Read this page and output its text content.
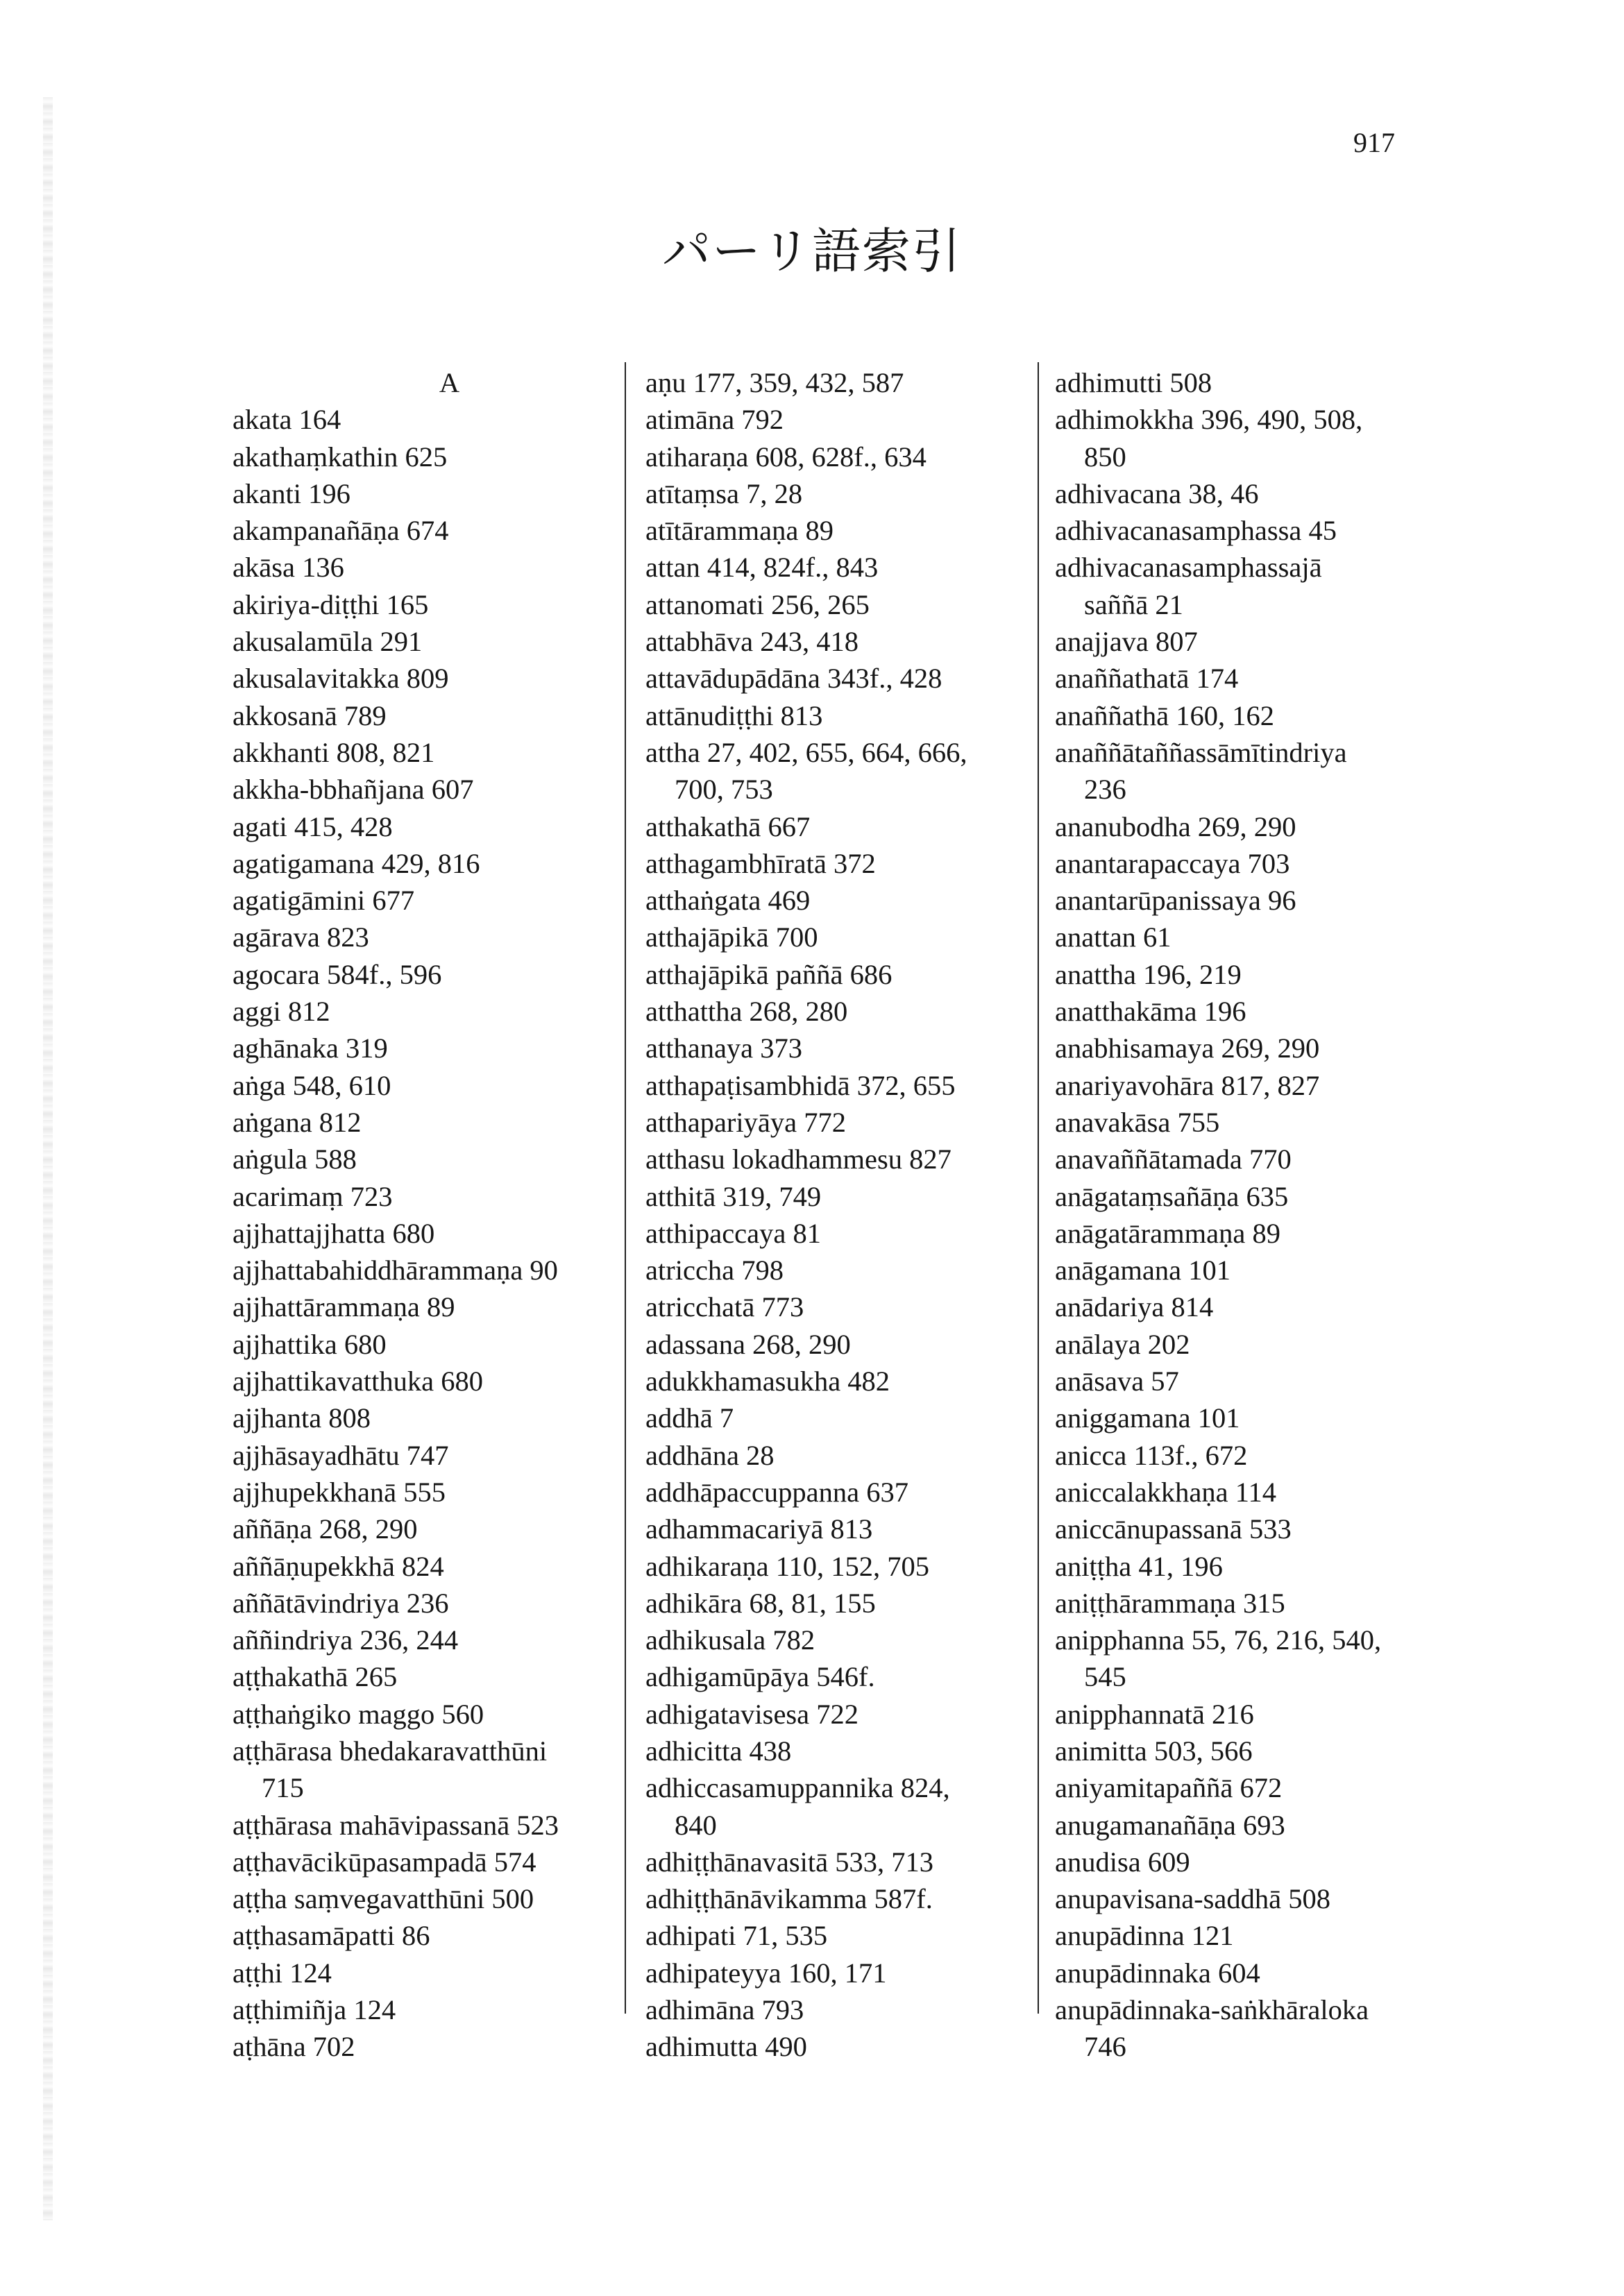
917
パーリ語索引
A
akata 164
akathaṃkathin 625
akanti 196
akampanañāṇa 674
akāsa 136
akiriya-diṭṭhi 165
akusalamūla 291
akusalavitakka 809
akkosanā 789
akkhanti 808, 821
akkha-bbhañjana 607
agati 415, 428
agatigamana 429, 816
agatigāmini 677
agārava 823
agocara 584f., 596
aggi 812
aghānaka 319
aṅga 548, 610
aṅgana 812
aṅgula 588
acarimaṃ 723
ajjhattajjhatta 680
ajjhattabahiddhārammaṇa 90
ajjhattārammaṇa 89
ajjhattika 680
ajjhattikavatthuka 680
ajjhanta 808
ajjhāsayadhātu 747
ajjhupekkhanā 555
aññāṇa 268, 290
aññāṇupekkhā 824
aññātāvindriya 236
aññindriya 236, 244
aṭṭhakathā 265
aṭṭhaṅgiko maggo 560
aṭṭhārasa bhedakaravatthūni
715
aṭṭhārasa mahāvipassanā 523
aṭṭhavācikūpasampadā 574
aṭṭha saṃvegavatthūni 500
aṭṭhasamāpatti 86
aṭṭhi 124
aṭṭhimiñja 124
aṭhāna 702
aṇu 177, 359, 432, 587
atimāna 792
atiharaṇa 608, 628f., 634
atītaṃsa 7, 28
atītārammaṇa 89
attan 414, 824f., 843
attanomati 256, 265
attabhāva 243, 418
attavādupādāna 343f., 428
attānudiṭṭhi 813
attha 27, 402, 655, 664, 666,
700, 753
atthakathā 667
atthagambhīratā 372
atthaṅgata 469
atthajāpikā 700
atthajāpikā paññā 686
atthattha 268, 280
atthanaya 373
atthapaṭisambhidā 372, 655
atthapariyāya 772
atthasu lokadhammesu 827
atthitā 319, 749
atthipaccaya 81
atriccha 798
atricchatā 773
adassana 268, 290
adukkhamasukha 482
addhā 7
addhāna 28
addhāpaccuppanna 637
adhammacariyā 813
adhikaraṇa 110, 152, 705
adhikāra 68, 81, 155
adhikusala 782
adhigamūpāya 546f.
adhigatavisesa 722
adhicitta 438
adhiccasamuppannika 824,
840
adhiṭṭhānavasitā 533, 713
adhiṭṭhānāvikamma 587f.
adhipati 71, 535
adhipateyya 160, 171
adhimāna 793
adhimutta 490
adhimutti 508
adhimokkha 396, 490, 508,
850
adhivacana 38, 46
adhivacanasamphassa 45
adhivacanasamphassajā
saññā 21
anajjava 807
anaññathatā 174
anaññathā 160, 162
anaññātaññassāmītindriya
236
ananubodha 269, 290
anantarapaccaya 703
anantarūpanissaya 96
anattan 61
anattha 196, 219
anatthakāma 196
anabhisamaya 269, 290
anariyavohāra 817, 827
anavakāsa 755
anavaññātamada 770
anāgataṃsañāṇa 635
anāgatārammaṇa 89
anāgamana 101
anādariya 814
anālaya 202
anāsava 57
aniggamana 101
anicca 113f., 672
aniccalakkhaṇa 114
aniccānupassanā 533
aniṭṭha 41, 196
aniṭṭhārammaṇa 315
anipphanna 55, 76, 216, 540,
545
anipphannatā 216
animitta 503, 566
aniyamitapaññā 672
anugamanañāṇa 693
anudisa 609
anupavisana-saddhā 508
anupādinna 121
anupādinnaka 604
anupādinnaka-saṅkhāraloka
746
